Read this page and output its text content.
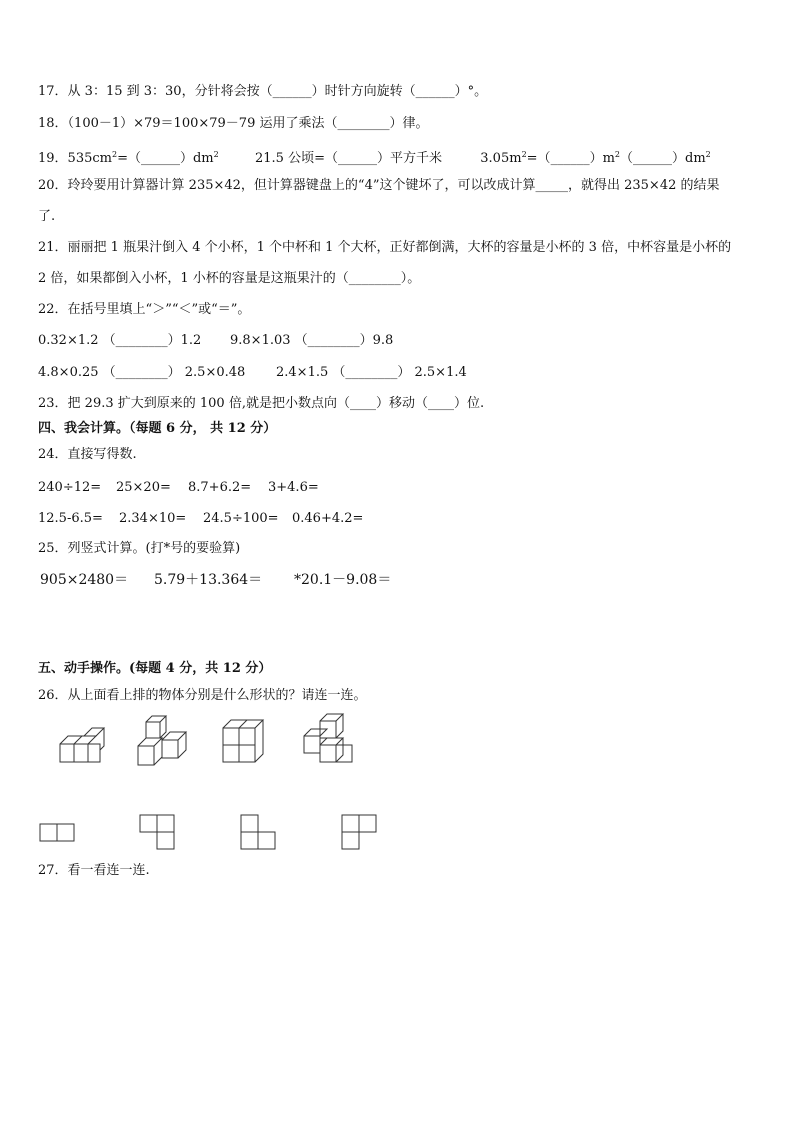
17．从 3：15 到 3：30，分针将会按（______）时针方向旋转（______）°。
18．（100－1）×79＝100×79－79 运用了乘法（________）律。
19．$535cm^2=(\_\_\_\_\_\_)dm^2$	21.5 公顷=（______）平方千米	$3.05m^2=(\_\_\_\_\_\_)m^2(\_\_\_\_\_\_)dm^2$
20．玲玲要用计算器计算 235×42，但计算器键盘上的“4”这个键坏了，可以改成计算_____，就得出 235×42 的结果
了.
21．丽丽把 1 瓶果汁倒入 4 个小杯，1 个中杯和 1 个大杯，正好都倒满，大杯的容量是小杯的 3 倍，中杯容量是小杯的
2 倍，如果都倒入小杯，1 小杯的容量是这瓶果汁的（________）。
22．在括号里填上“＞”“＜”或“＝”。
0.32×1.2 （________）1.2 9.8×1.03 （________）9.8
4.8×0.25 （________） 2.5×0.48 2.4×1.5 （________） 2.5×1.4
23．把 29.3 扩大到原来的 100 倍,就是把小数点向（____）移动（____）位.
四、我会计算。（每题 6 分， 共 12 分）
24．直接写得数.
240÷12= 25×20= 8.7+6.2= 3+4.6=
12.5-6.5= 2.34×10= 24.5÷100= 0.46+4.2=
25．列竖式计算。(打*号的要验算)
905×2480＝ 5.79＋13.364＝ *20.1－9.08＝
五、动手操作。(每题 4 分，共 12 分）
26．从上面看上排的物体分别是什么形状的？请连一连。
27．看一看连一连.
